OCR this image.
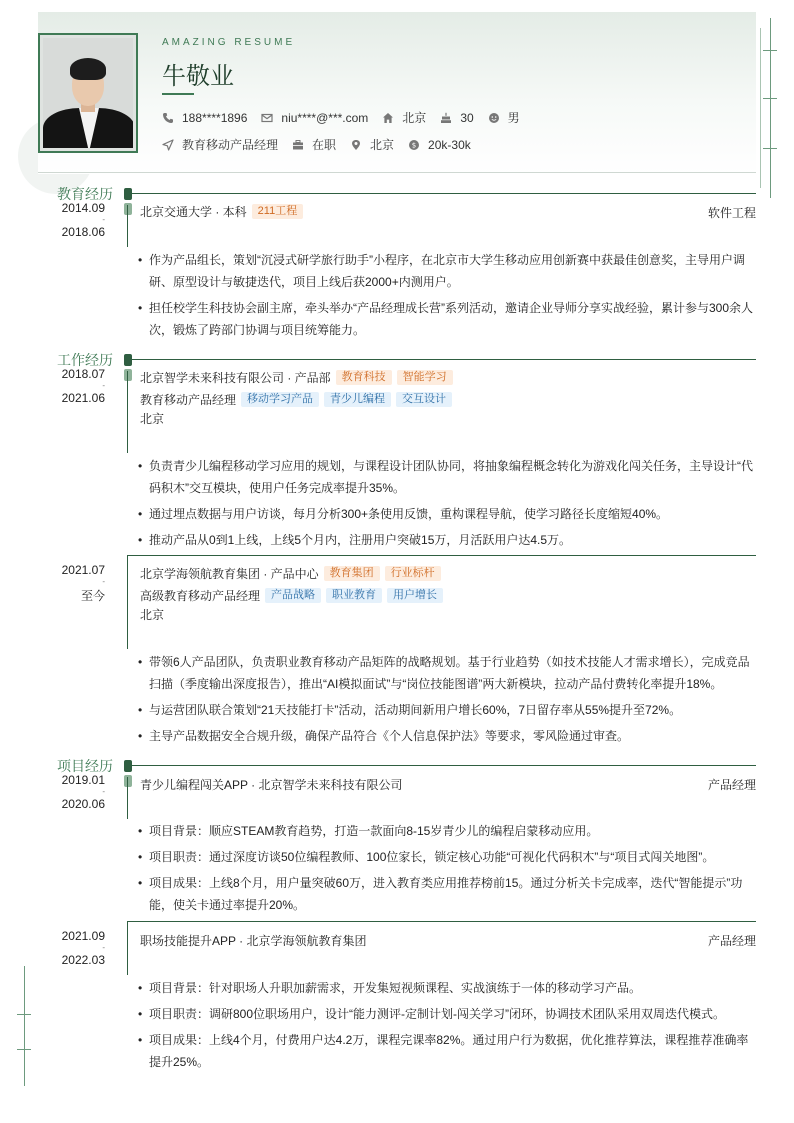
AMAZING RESUME
牛敬业
188****1896	niu****@***.com	北京	30	男
教育移动产品经理	在职	北京	$ 20k-30k
教育经历
2014.09
-
2018.06
北京交通大学 · 本科	211工程	软件工程
• 作为产品组长，策划“沉浸式研学旅行助手”小程序，在北京市大学生移动应用创新赛中获最佳创意奖，主导用户调研、原型设计与敏捷迭代，项目上线后获2000+内测用户。
• 担任校学生科技协会副主席，牵头举办“产品经理成长营”系列活动，邀请企业导师分享实战经验，累计参与300余人次，锻炼了跨部门协调与项目统筹能力。
工作经历
2018.07
-
2021.06
北京智学未来科技有限公司 · 产品部	教育科技	智能学习
教育移动产品经理	移动学习产品	青少儿编程	交互设计
北京
• 负责青少儿编程移动学习应用的规划，与课程设计团队协同，将抽象编程概念转化为游戏化闯关任务，主导设计“代码积木”交互模块，使用户任务完成率提升35%。
• 通过埋点数据与用户访谈，每月分析300+条使用反馈，重构课程导航，使学习路径长度缩短40%。
• 推动产品从0到1上线，上线5个月内，注册用户突破15万，月活跃用户达4.5万。
2021.07
-
至今
北京学海领航教育集团 · 产品中心	教育集团	行业标杆
高级教育移动产品经理	产品战略	职业教育	用户增长
北京
• 带领6人产品团队，负责职业教育移动产品矩阵的战略规划。基于行业趋势（如技术技能人才需求增长），完成竞品扫描（季度输出深度报告），推出“AI模拟面试”与“岗位技能图谱”两大新模块，拉动产品付费转化率提升18%。
• 与运营团队联合策划“21天技能打卡”活动，活动期间新用户增长60%，7日留存率从55%提升至72%。
• 主导产品数据安全合规升级，确保产品符合《个人信息保护法》等要求，零风险通过审查。
项目经历
2019.01
-
2020.06
青少儿编程闯关APP · 北京智学未来科技有限公司	产品经理
• 项目背景：顺应STEAM教育趋势，打造一款面向8-15岁青少儿的编程启蒙移动应用。
• 项目职责：通过深度访谈50位编程教师、100位家长，锁定核心功能“可视化代码积木”与“项目式闯关地图”。
• 项目成果：上线8个月，用户量突破60万，进入教育类应用推荐榜前15。通过分析关卡完成率，迭代“智能提示”功能，使关卡通过率提升20%。
2021.09
-
2022.03
职场技能提升APP · 北京学海领航教育集团	产品经理
• 项目背景：针对职场人升职加薪需求，开发集短视频课程、实战演练于一体的移动学习产品。
• 项目职责：调研800位职场用户，设计“能力测评-定制计划-闯关学习”闭环，协调技术团队采用双周迭代模式。
• 项目成果：上线4个月，付费用户达4.2万，课程完课率82%。通过用户行为数据，优化推荐算法，课程推荐准确率提升25%。
